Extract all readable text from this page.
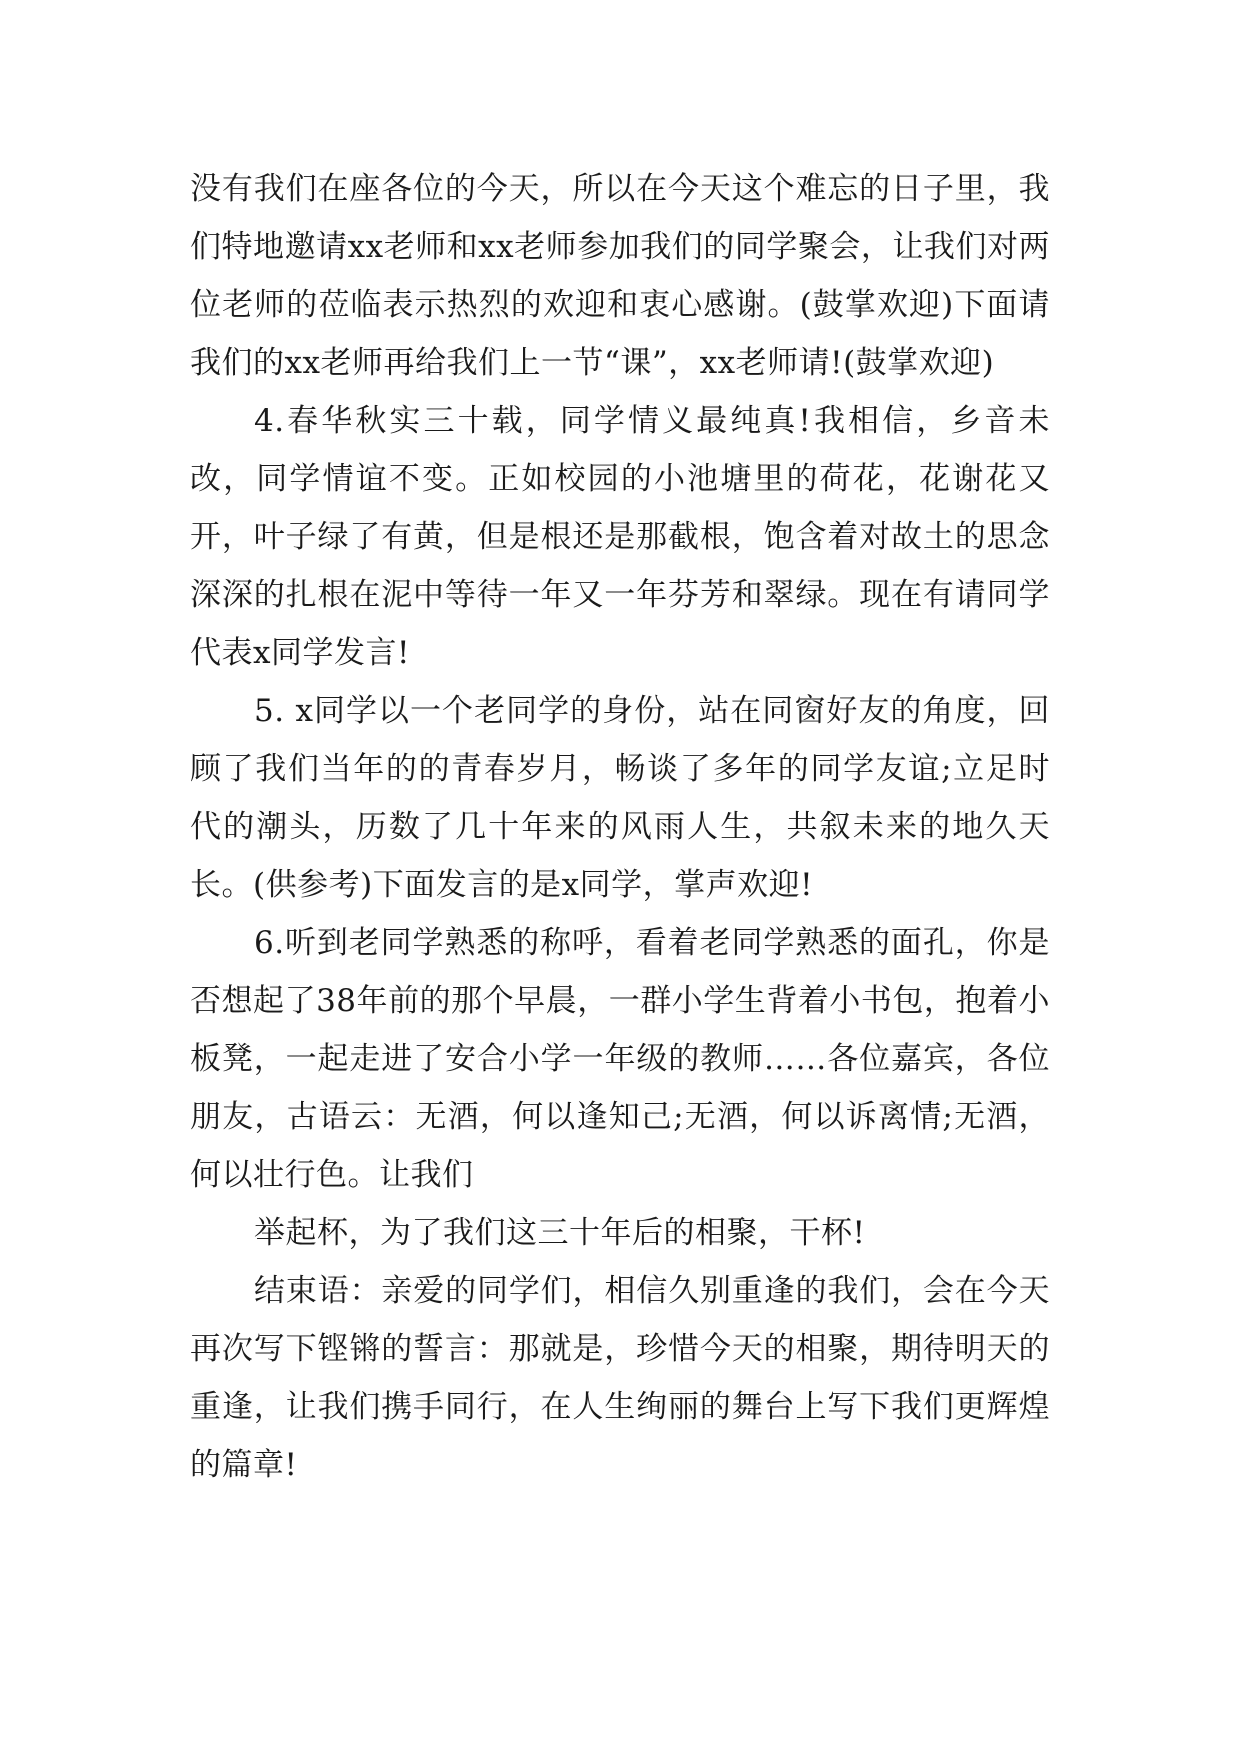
没有我们在座各位的今天，所以在今天这个难忘的日子里，我们特地邀请xx老师和xx老师参加我们的同学聚会，让我们对两位老师的莅临表示热烈的欢迎和衷心感谢。(鼓掌欢迎)下面请我们的xx老师再给我们上一节“课”，xx老师请!(鼓掌欢迎)

4.春华秋实三十载，同学情义最纯真!我相信，乡音未改，同学情谊不变。正如校园的小池塘里的荷花，花谢花又开，叶子绿了有黄，但是根还是那截根，饱含着对故土的思念深深的扎根在泥中等待一年又一年芬芳和翠绿。现在有请同学代表x同学发言!

5. x同学以一个老同学的身份，站在同窗好友的角度，回顾了我们当年的的青春岁月，畅谈了多年的同学友谊;立足时代的潮头，历数了几十年来的风雨人生，共叙未来的地久天长。(供参考)下面发言的是x同学，掌声欢迎!

6.听到老同学熟悉的称呼，看着老同学熟悉的面孔，你是否想起了38年前的那个早晨，一群小学生背着小书包，抱着小板凳，一起走进了安合小学一年级的教师……各位嘉宾，各位朋友，古语云：无酒，何以逢知己;无酒，何以诉离情;无酒，何以壮行色。让我们

举起杯，为了我们这三十年后的相聚，干杯!

结束语：亲爱的同学们，相信久别重逢的我们，会在今天再次写下铿锵的誓言：那就是，珍惜今天的相聚，期待明天的重逢，让我们携手同行，在人生绚丽的舞台上写下我们更辉煌的篇章!
